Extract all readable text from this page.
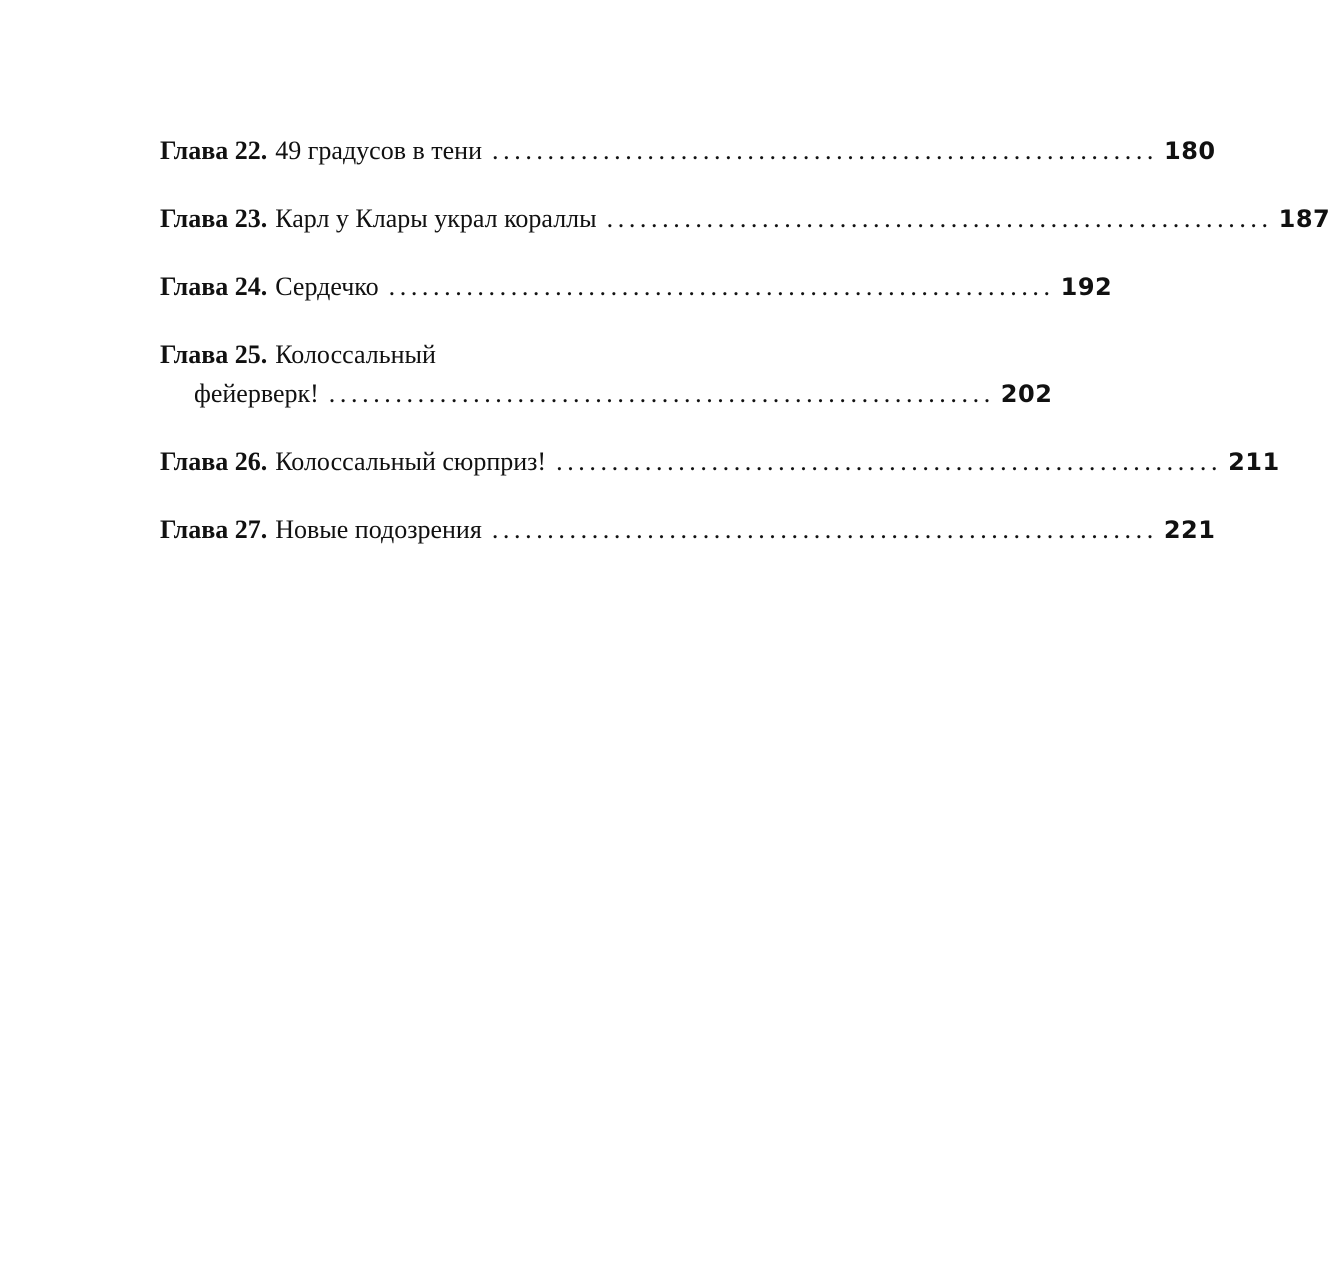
Глава 22. 49 градусов в тени ............................................................ 180
Глава 23. Карл у Клары украл кораллы ............................................................ 187
Глава 24. Сердечко ............................................................ 192
Глава 25. Колоссальный
фейерверк! ............................................................ 202
Глава 26. Колоссальный сюрприз! ............................................................ 211
Глава 27. Новые подозрения ............................................................ 221
